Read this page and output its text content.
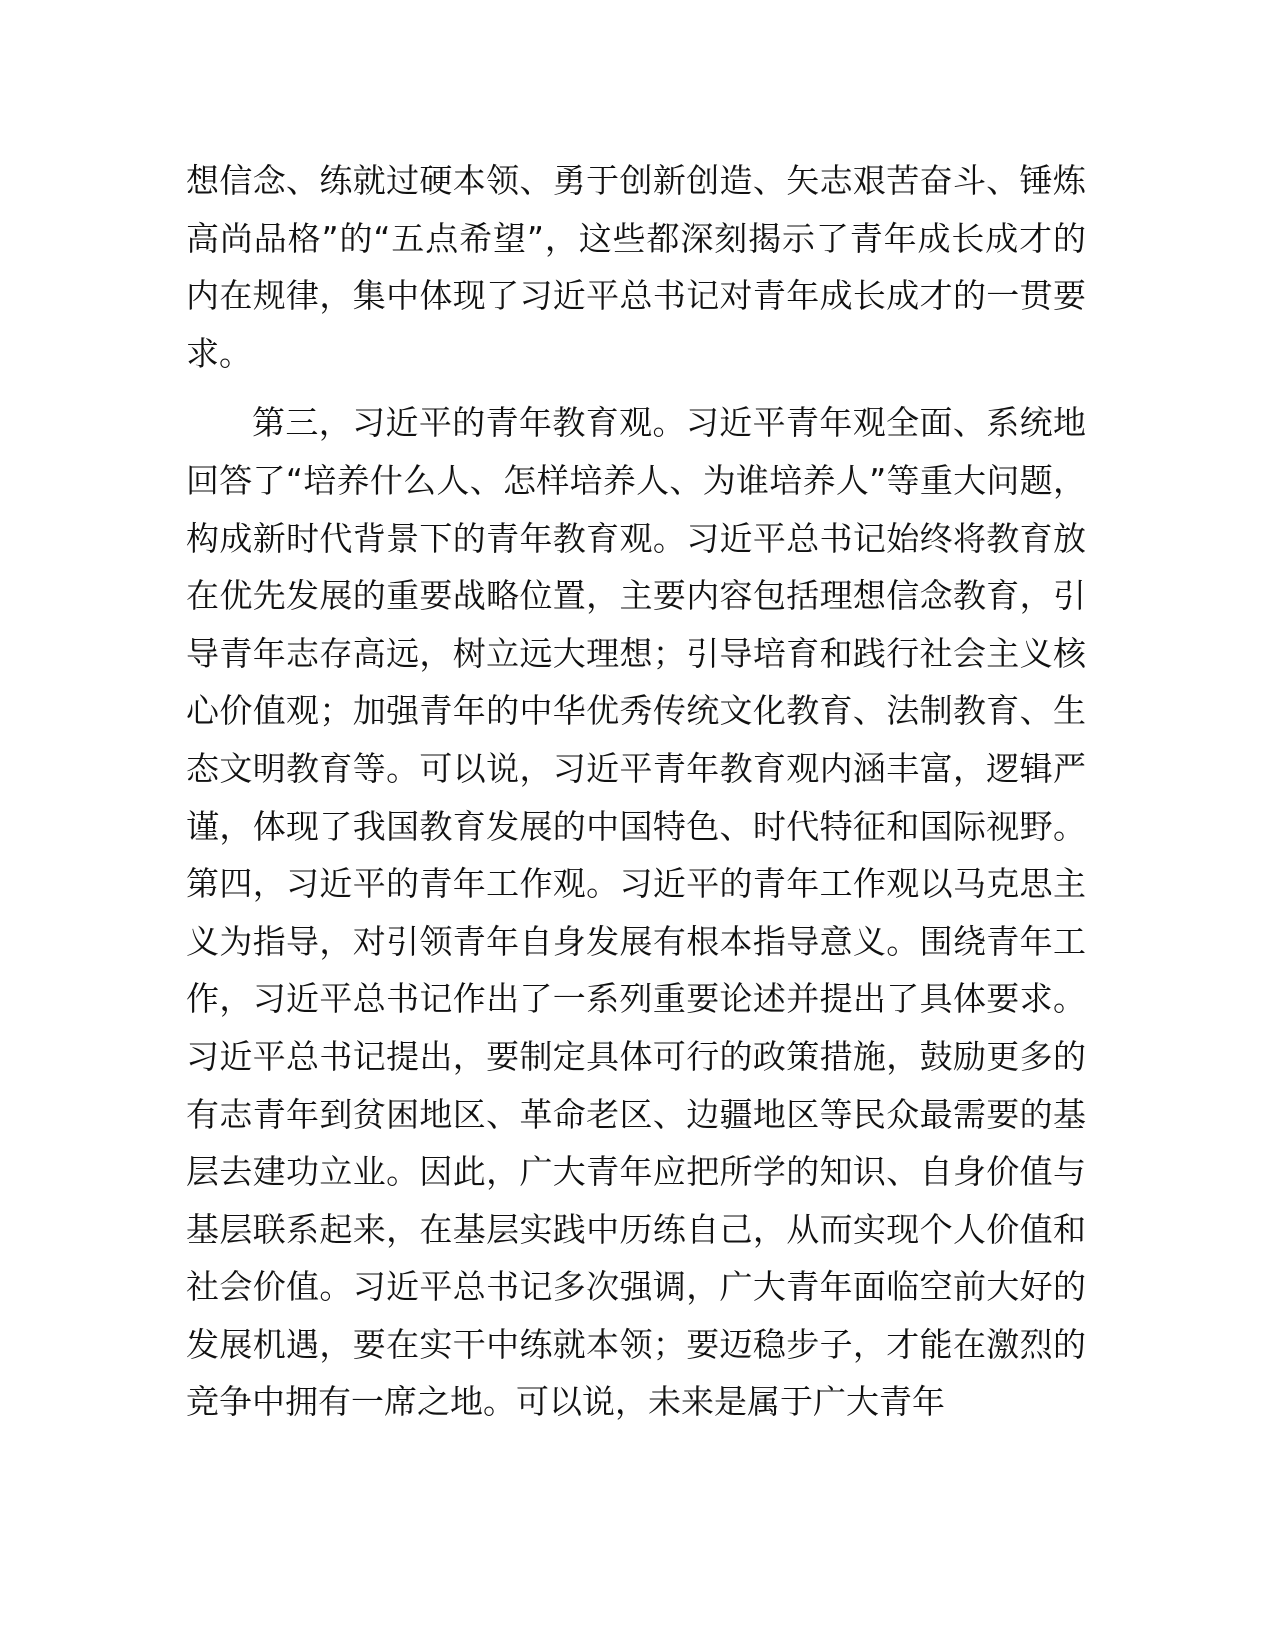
想信念、练就过硬本领、勇于创新创造、矢志艰苦奋斗、锤炼高尚品格”的“五点希望”，这些都深刻揭示了青年成长成才的内在规律，集中体现了习近平总书记对青年成长成才的一贯要求。

第三，习近平的青年教育观。习近平青年观全面、系统地回答了“培养什么人、怎样培养人、为谁培养人”等重大问题，构成新时代背景下的青年教育观。习近平总书记始终将教育放在优先发展的重要战略位置，主要内容包括理想信念教育，引导青年志存高远，树立远大理想；引导培育和践行社会主义核心价值观；加强青年的中华优秀传统文化教育、法制教育、生态文明教育等。可以说，习近平青年教育观内涵丰富，逻辑严谨，体现了我国教育发展的中国特色、时代特征和国际视野。第四，习近平的青年工作观。习近平的青年工作观以马克思主义为指导，对引领青年自身发展有根本指导意义。围绕青年工作，习近平总书记作出了一系列重要论述并提出了具体要求。习近平总书记提出，要制定具体可行的政策措施，鼓励更多的有志青年到贫困地区、革命老区、边疆地区等民众最需要的基层去建功立业。因此，广大青年应把所学的知识、自身价值与基层联系起来，在基层实践中历练自己，从而实现个人价值和社会价值。习近平总书记多次强调，广大青年面临空前大好的发展机遇，要在实干中练就本领；要迈稳步子，才能在激烈的竞争中拥有一席之地。可以说，未来是属于广大青年
